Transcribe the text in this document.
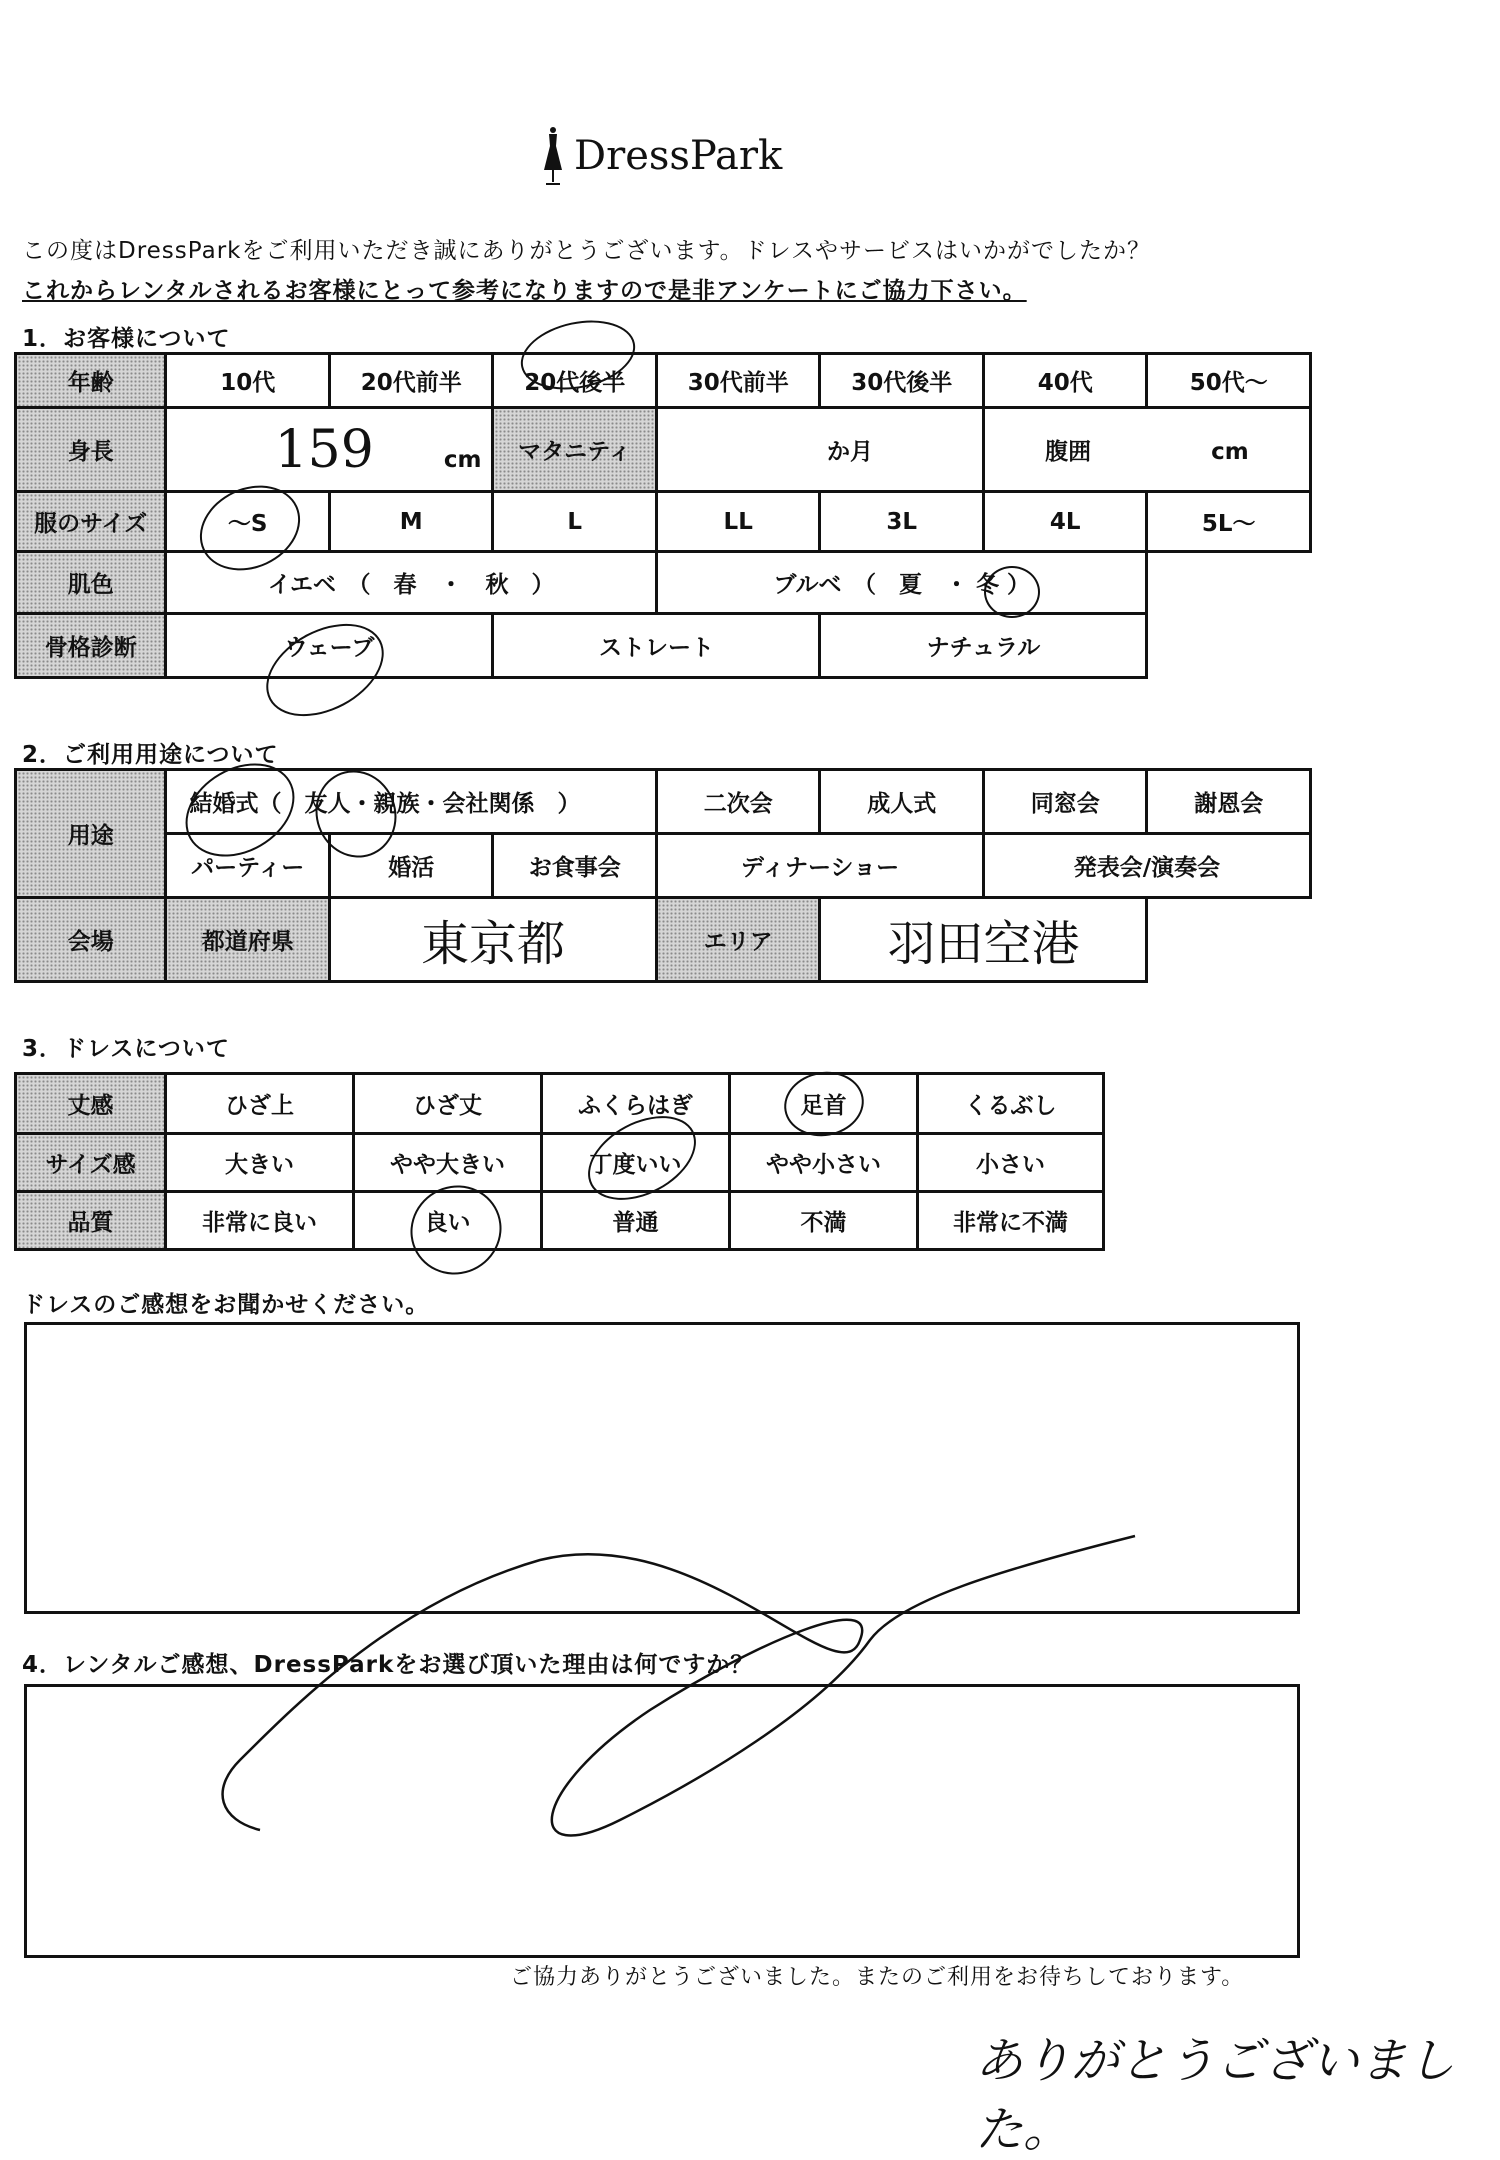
DressPark
この度はDressParkをご利用いただき誠にありがとうございます。ドレスやサービスはいかがでしたか？
これからレンタルされるお客様にとって参考になりますので是非アンケートにご協力下さい。
1．お客様について
年齢	10代	20代前半	20代後半	30代前半	30代後半	40代	50代～
身長	159 cm		マタニティ	か月		腹囲 cm	
服のサイズ	～S	M	L	LL	3L	4L	5L～
肌色	イエベ　（　春　・　秋　）			ブルベ　（　夏　・ 冬 ）			
骨格診断	ウェーブ		ストレート		ナチュラル		
2．ご利用用途について
用途	結婚式（　友人・親族・会社関係　）			二次会	成人式	同窓会	謝恩会
	パーティー	婚活	お食事会	ディナーショー		発表会/演奏会	
会場	都道府県	東京都		エリア	羽田空港		
3．ドレスについて
丈感	ひざ上	ひざ丈	ふくらはぎ	足首	くるぶし
サイズ感	大きい	やや大きい	丁度いい	やや小さい	小さい
品質	非常に良い	良い	普通	不満	非常に不満
ドレスのご感想をお聞かせください。
4．レンタルご感想、DressParkをお選び頂いた理由は何ですか？
ご協力ありがとうございました。またのご利用をお待ちしております。
ありがとうございました。
